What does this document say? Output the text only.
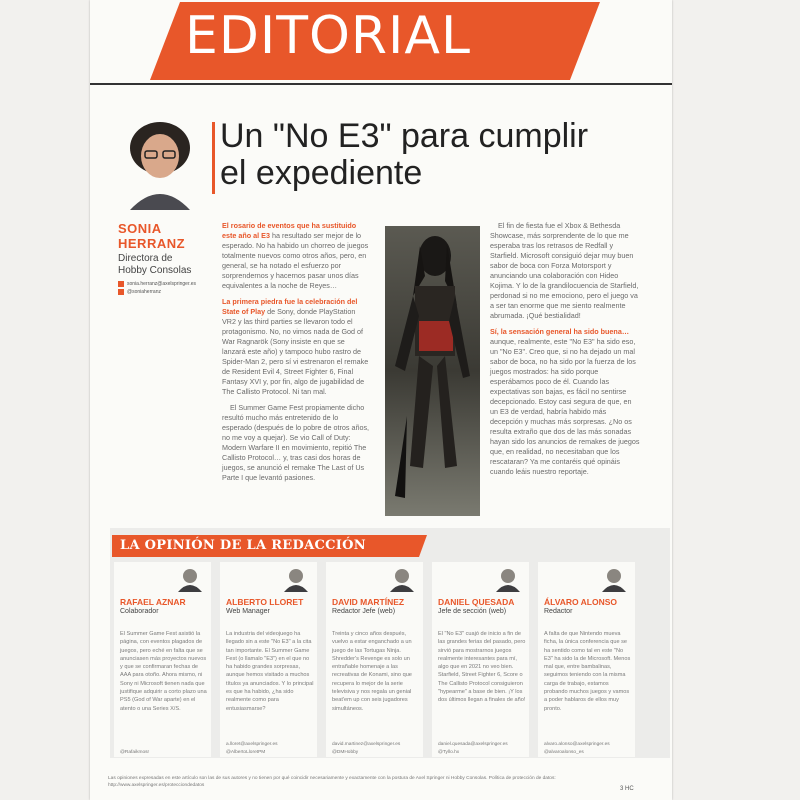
EDITORIAL
Un "No E3" para cumplir el expediente
SONIA HERRANZ
Directora de Hobby Consolas
sonia.herranz@axelspringer.es
@soniaherranz

El rosario de eventos que ha sustituido este año al E3 ha resultado ser mejor de lo esperado. No ha habido un chorreo de juegos totalmente nuevos como otros años, pero, en general, se ha notado el esfuerzo por sorprendernos y hacernos pasar unos días equivalentes a la noche de Reyes…

La primera piedra fue la celebración del State of Play de Sony, donde PlayStation VR2 y las third parties se llevaron todo el protagonismo. No, no vimos nada de God of War Ragnarök (Sony insiste en que se lanzará este año) y tampoco hubo rastro de Spider-Man 2, pero sí vi estrenaron el remake de Resident Evil 4, Street Fighter 6, Final Fantasy XVI y, por fin, algo de jugabilidad de The Callisto Protocol. Ni tan mal.

El Summer Game Fest propiamente dicho resultó mucho más entretenido de lo esperado (después de lo pobre de otros años, no me voy a quejar). Se vio Call of Duty: Modern Warfare II en movimiento, repitió The Callisto Protocol… y, tras casi dos horas de juegos, se anunció el remake The Last of Us Parte I que levantó pasiones.

El fin de fiesta fue el Xbox & Bethesda Showcase, más sorprendente de lo que me esperaba tras los retrasos de Redfall y Starfield. Microsoft consiguió dejar muy buen sabor de boca con Forza Motorsport y anunciando una colaboración con Hideo Kojima. Y lo de la grandilocuencia de Starfield, perdonad si no me emociono, pero el juego va a ser tan enorme que me siento realmente abrumada. ¡Qué bestialidad!

Sí, la sensación general ha sido buena… aunque, realmente, este "No E3" ha sido eso, un "No E3". Creo que, si no ha dejado un mal sabor de boca, no ha sido por la fuerza de los juegos mostrados: ha sido porque esperábamos poco de él. Cuando las expectativas son bajas, es fácil no sentirse decepcionado. Estoy casi segura de que, en un E3 de verdad, habría habido más decepción y muchas más sorpresas. ¿No os resulta extraño que dos de las más sonadas hayan sido los anuncios de remakes de juegos que, en realidad, no necesitaban que los rescataran? Ya me contaréis qué opináis cuando leáis nuestro reportaje.

LA OPINIÓN DE LA REDACCIÓN
RAFAEL AZNAR
Colaborador
El Summer Game Fest asistió la página, con eventos plagados de juegos, pero eché en falta que se anunciasen más proyectos nuevos y que se confirmaran fechas de AAA para otoño. Ahora mismo, ni Sony ni Microsoft tienen nada que justifique adquirir a corto plazo una PS5 (God of War aparte) en el atento o una Series X/S.
@Rafaikmosr
ALBERTO LLORET
Web Manager
La industria del videojuego ha llegado sin a este "No E3" a la cita tan importante. El Summer Game Fest (o llamalo "E3") en el que no ha habido grandes sorpresas, aunque hemos visitado a muchos títulos ya anunciados. Y lo principal es que ha habido, ¿ha sido realmente como para entusiasmarse?
a.lloret@axelspringer.es
@AlbertoLloretPM
DAVID MARTÍNEZ
Redactor Jefe (web)
Treinta y cinco años después, vuelvo a estar enganchado a un juego de las Tortugas Ninja. Shredder's Revenge es solo un entrañable homenaje a las recreativas de Konami, sino que recupera lo mejor de la serie televisiva y nos regala un genial beat'em up con seis jugadores simultáneos.
david.martinez@axelspringer.es
@DMHobby
DANIEL QUESADA
Jefe de sección (web)
El "No E3" cuajó de inicio a fin de las grandes ferias del pasado, pero sirvió para mostrarnos juegos realmente interesantes para mí, algo que en 2021 no veo bien. Starfield, Street Fighter 6, Score o The Callisto Protocol consiguieron "hypearme" a base de bien. ¡Y los dos últimos llegan a finales de año!
daniel.quesada@axelspringer.es
@Tyllo.hx
ÁLVARO ALONSO
Redactor
A falta de que Nintendo mueva ficha, la única conferencia que se ha sentido como tal en este "No E3" ha sido la de Microsoft. Menos mal que, entre bambalinas, seguimos teniendo con la misma carga de trabajo, estamos probando muchos juegos y vamos a poder hablaros de ellos muy pronto.
alvaro.alonso@axelspringer.es
@alvaroalonso_es
Las opiniones expresadas en este artículo son las de sus autores y no tienen por qué coincidir necesariamente y exactamente con la postura de Axel Springer ni Hobby Consolas. Política de protección de datos: http://www.axelspringer.es/protecciondedatos
3 HC
